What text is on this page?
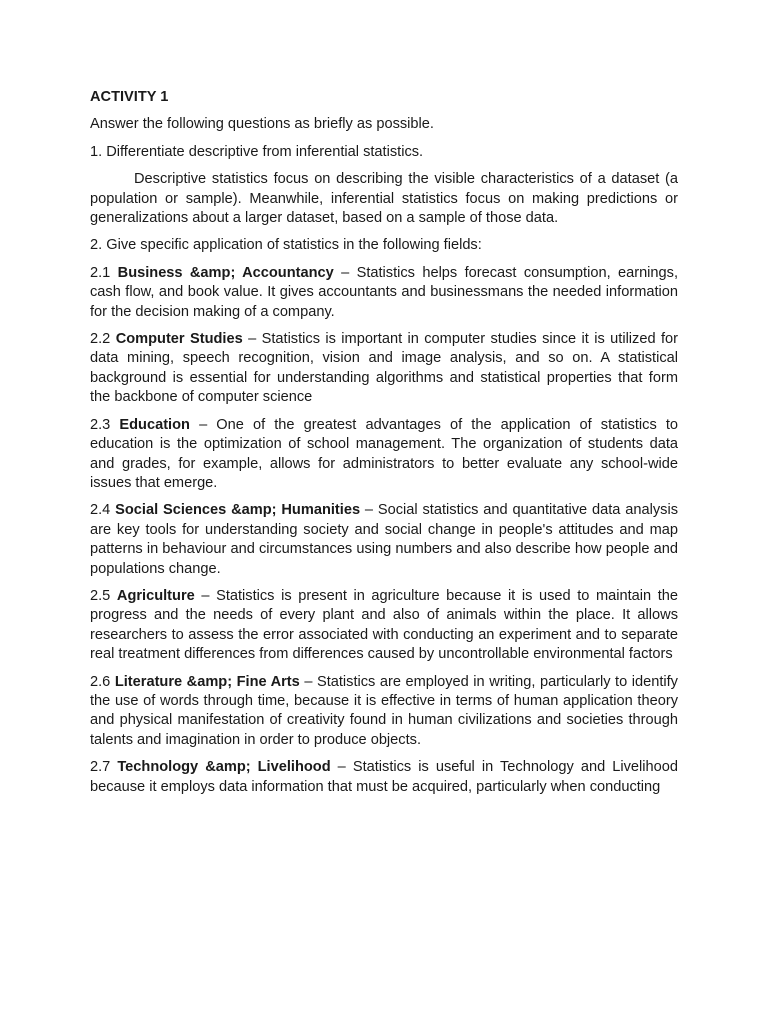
ACTIVITY 1

Answer the following questions as briefly as possible.

1. Differentiate descriptive from inferential statistics.

Descriptive statistics focus on describing the visible characteristics of a dataset (a population or sample). Meanwhile, inferential statistics focus on making predictions or generalizations about a larger dataset, based on a sample of those data.

2. Give specific application of statistics in the following fields:

2.1 Business &amp; Accountancy – Statistics helps forecast consumption, earnings, cash flow, and book value. It gives accountants and businessmans the needed information for the decision making of a company.

2.2 Computer Studies – Statistics is important in computer studies since it is utilized for data mining, speech recognition, vision and image analysis, and so on. A statistical background is essential for understanding algorithms and statistical properties that form the backbone of computer science

2.3 Education – One of the greatest advantages of the application of statistics to education is the optimization of school management. The organization of students data and grades, for example, allows for administrators to better evaluate any school-wide issues that emerge.

2.4 Social Sciences &amp; Humanities – Social statistics and quantitative data analysis are key tools for understanding society and social change in people's attitudes and map patterns in behaviour and circumstances using numbers and also describe how people and populations change.

2.5 Agriculture – Statistics is present in agriculture because it is used to maintain the progress and the needs of every plant and also of animals within the place. It allows researchers to assess the error associated with conducting an experiment and to separate real treatment differences from differences caused by uncontrollable environmental factors

2.6 Literature &amp; Fine Arts – Statistics are employed in writing, particularly to identify the use of words through time, because it is effective in terms of human application theory and physical manifestation of creativity found in human civilizations and societies through talents and imagination in order to produce objects.

2.7 Technology &amp; Livelihood – Statistics is useful in Technology and Livelihood because it employs data information that must be acquired, particularly when conducting
